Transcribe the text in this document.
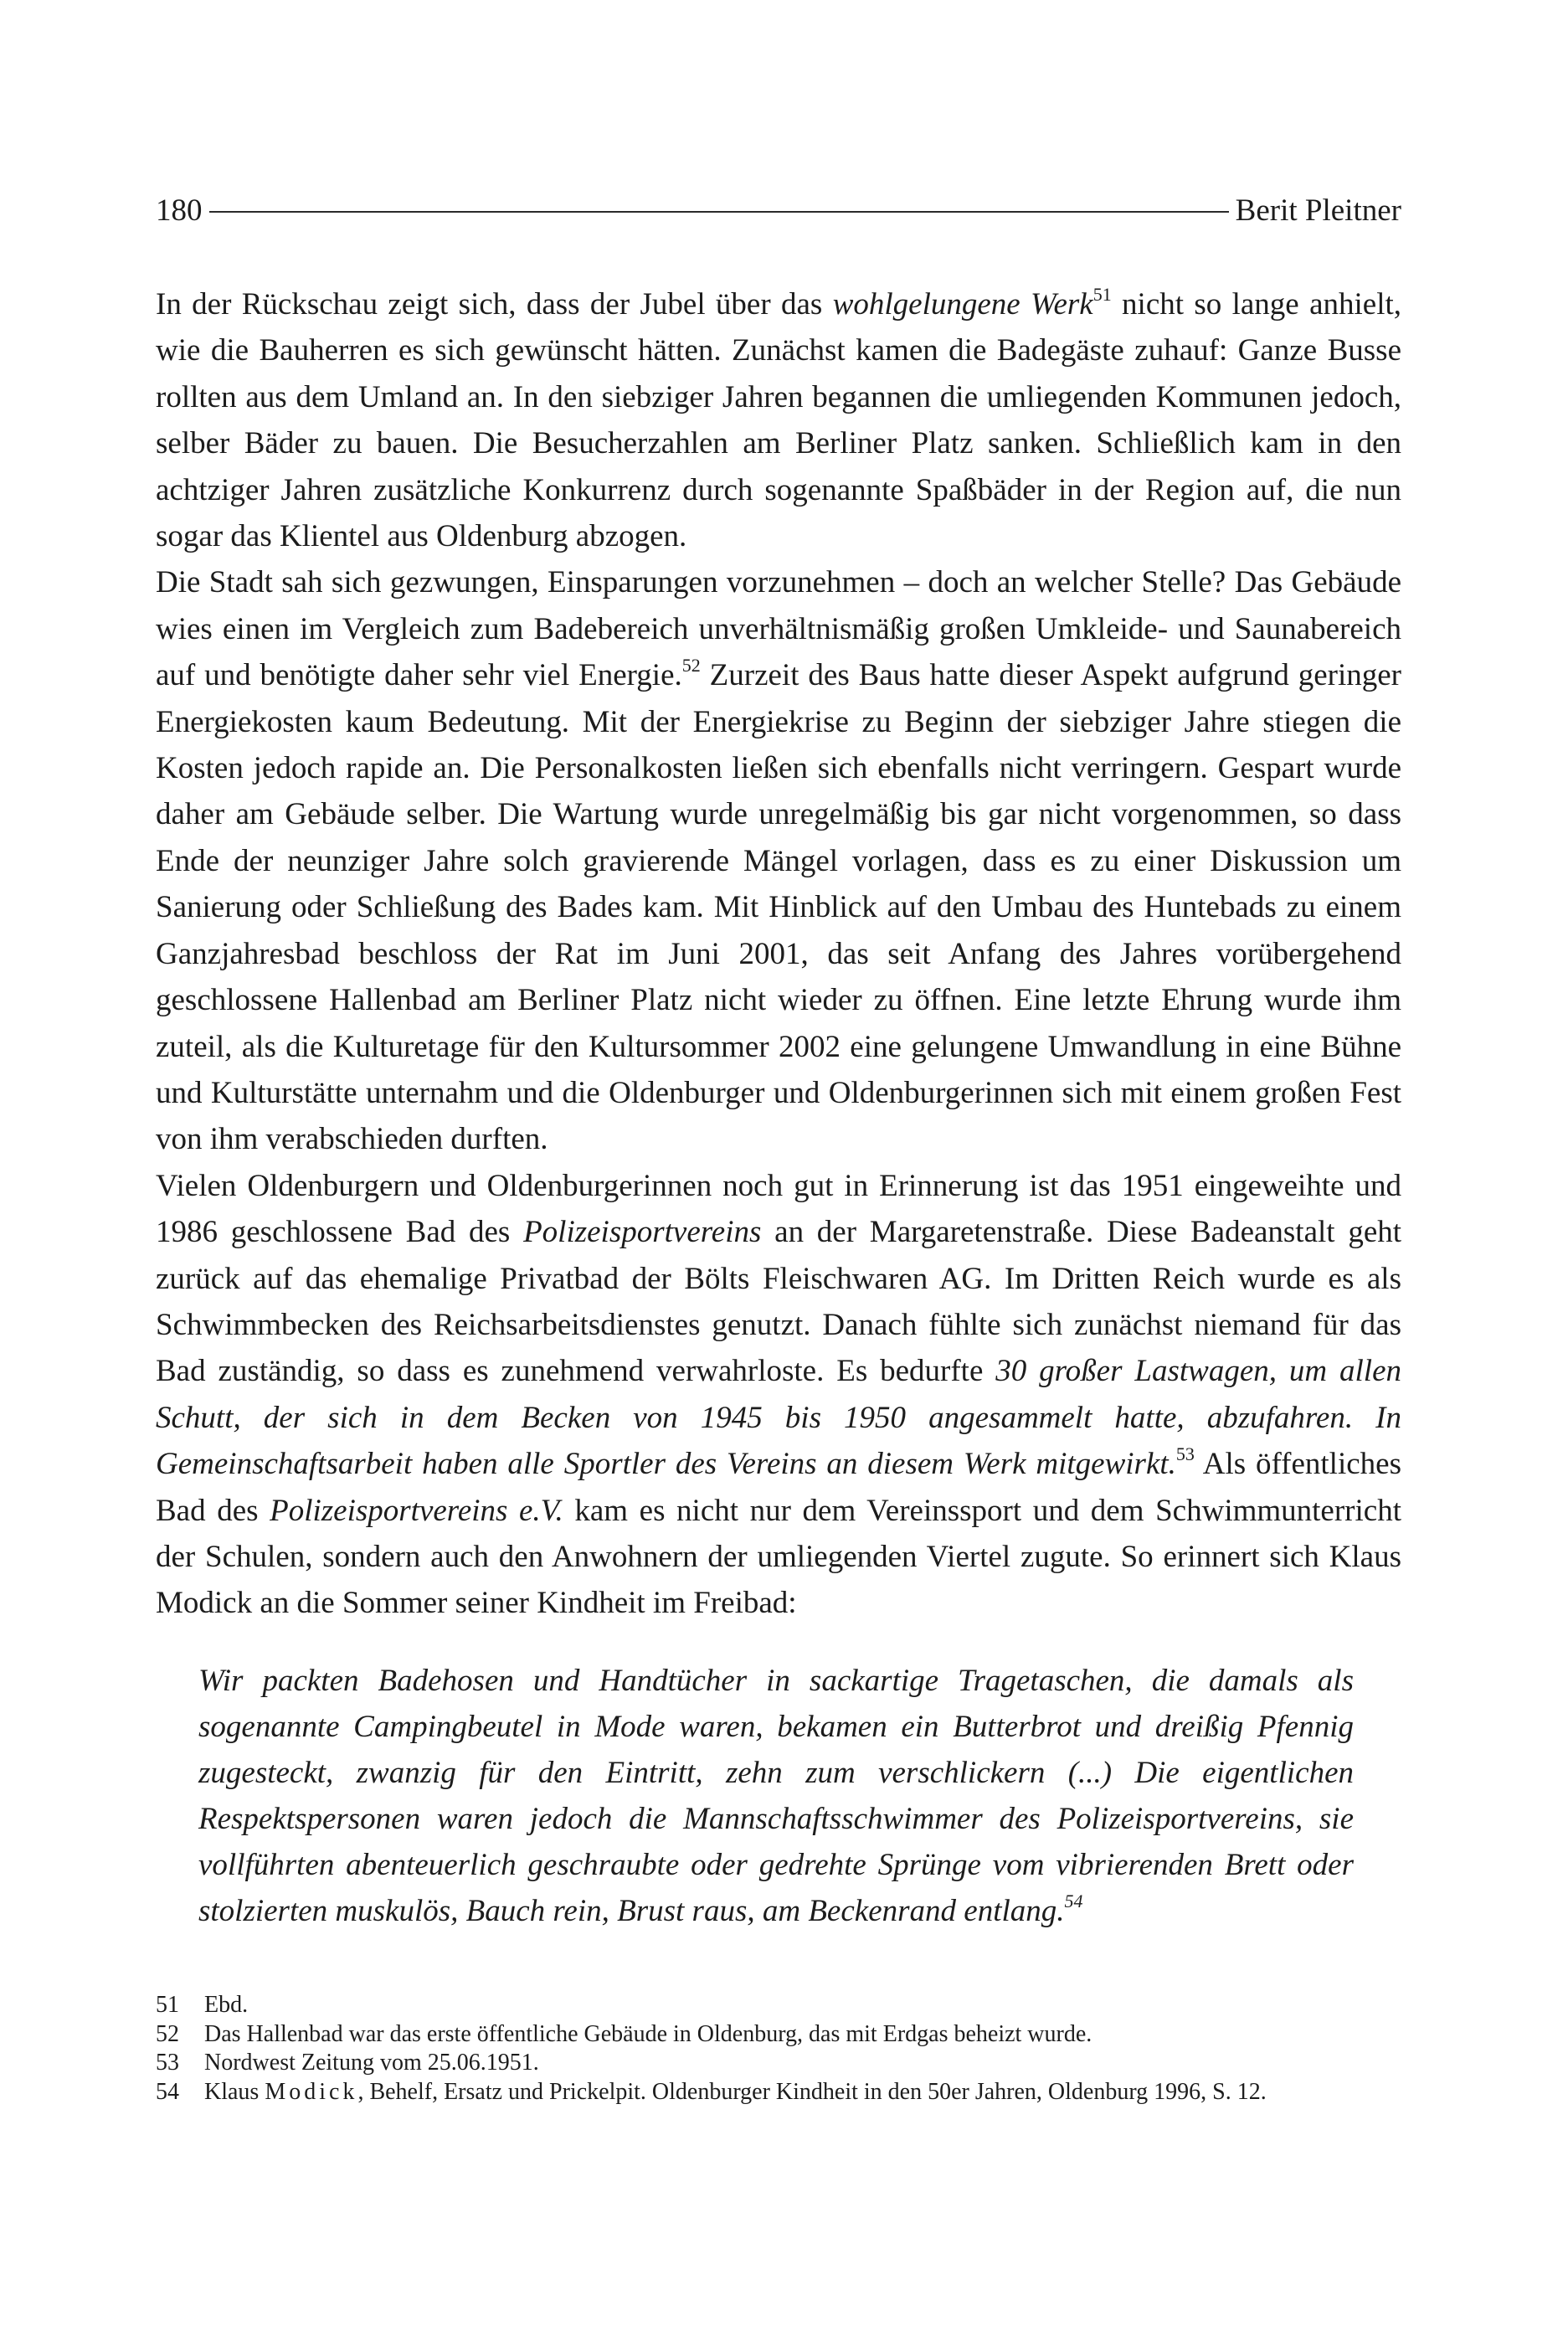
180	Berit Pleitner

In der Rückschau zeigt sich, dass der Jubel über das wohlgelungene Werk$^{51}$ nicht so lange anhielt, wie die Bauherren es sich gewünscht hätten. Zunächst kamen die Badegäste zuhauf: Ganze Busse rollten aus dem Umland an. In den siebziger Jahren begannen die umliegenden Kommunen jedoch, selber Bäder zu bauen. Die Besucherzahlen am Berliner Platz sanken. Schließlich kam in den achtziger Jahren zusätzliche Konkurrenz durch sogenannte Spaßbäder in der Region auf, die nun sogar das Klientel aus Oldenburg abzogen.

Die Stadt sah sich gezwungen, Einsparungen vorzunehmen – doch an welcher Stelle? Das Gebäude wies einen im Vergleich zum Badebereich unverhältnismäßig großen Umkleide- und Saunabereich auf und benötigte daher sehr viel Energie.$^{52}$ Zurzeit des Baus hatte dieser Aspekt aufgrund geringer Energiekosten kaum Bedeutung. Mit der Energiekrise zu Beginn der siebziger Jahre stiegen die Kosten jedoch rapide an. Die Personalkosten ließen sich ebenfalls nicht verringern. Gespart wurde daher am Gebäude selber. Die Wartung wurde unregelmäßig bis gar nicht vorgenommen, so dass Ende der neunziger Jahre solch gravierende Mängel vorlagen, dass es zu einer Diskussion um Sanierung oder Schließung des Bades kam. Mit Hinblick auf den Umbau des Huntebads zu einem Ganzjahresbad beschloss der Rat im Juni 2001, das seit Anfang des Jahres vorübergehend geschlossene Hallenbad am Berliner Platz nicht wieder zu öffnen. Eine letzte Ehrung wurde ihm zuteil, als die Kulturetage für den Kultursommer 2002 eine gelungene Umwandlung in eine Bühne und Kulturstätte unternahm und die Oldenburger und Oldenburgerinnen sich mit einem großen Fest von ihm verabschieden durften.

Vielen Oldenburgern und Oldenburgerinnen noch gut in Erinnerung ist das 1951 eingeweihte und 1986 geschlossene Bad des Polizeisportvereins an der Margaretenstraße. Diese Badeanstalt geht zurück auf das ehemalige Privatbad der Bölts Fleischwaren AG. Im Dritten Reich wurde es als Schwimmbecken des Reichsarbeitsdienstes genutzt. Danach fühlte sich zunächst niemand für das Bad zuständig, so dass es zunehmend verwahrloste. Es bedurfte 30 großer Lastwagen, um allen Schutt, der sich in dem Becken von 1945 bis 1950 angesammelt hatte, abzufahren. In Gemeinschaftsarbeit haben alle Sportler des Vereins an diesem Werk mitgewirkt.$^{53}$ Als öffentliches Bad des Polizeisportvereins e.V. kam es nicht nur dem Vereinssport und dem Schwimmunterricht der Schulen, sondern auch den Anwohnern der umliegenden Viertel zugute. So erinnert sich Klaus Modick an die Sommer seiner Kindheit im Freibad:

Wir packten Badehosen und Handtücher in sackartige Tragetaschen, die damals als sogenannte Campingbeutel in Mode waren, bekamen ein Butterbrot und dreißig Pfennig zugesteckt, zwanzig für den Eintritt, zehn zum verschlickern (...) Die eigentlichen Respektspersonen waren jedoch die Mannschaftsschwimmer des Polizeisportvereins, sie vollführten abenteuerlich geschraubte oder gedrehte Sprünge vom vibrierenden Brett oder stolzierten muskulös, Bauch rein, Brust raus, am Beckenrand entlang.$^{54}$
51	Ebd.
52	Das Hallenbad war das erste öffentliche Gebäude in Oldenburg, das mit Erdgas beheizt wurde.
53	Nordwest Zeitung vom 25.06.1951.
54	Klaus Modick, Behelf, Ersatz und Prickelpit. Oldenburger Kindheit in den 50er Jahren, Oldenburg 1996, S. 12.
